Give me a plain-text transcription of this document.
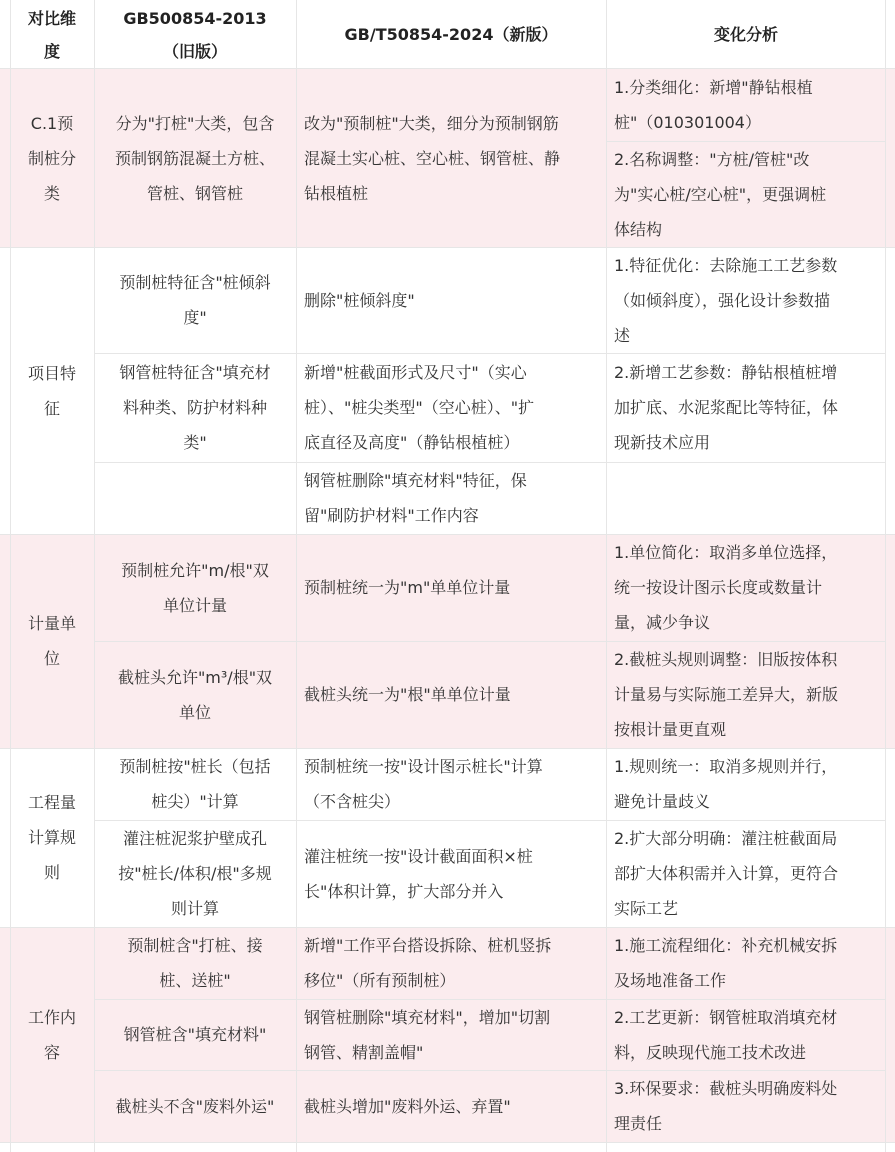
对比维
度
GB500854-2013
（旧版）
GB/T50854-2024（新版）	变化分析
C.1预
制桩分
类
分为"打桩"大类，包含
预制钢筋混凝土方桩、
管桩、钢管桩
改为"预制桩"大类，细分为预制钢筋
混凝土实心桩、空心桩、钢管桩、静
钻根植桩
1.分类细化：新增"静钻根植
桩"（010301004）
2.名称调整："方桩/管桩"改
为"实心桩/空心桩"，更强调桩
体结构
项目特
征
预制桩特征含"桩倾斜
度"
删除"桩倾斜度"
1.特征优化：去除施工工艺参数
（如倾斜度），强化设计参数描
述
钢管桩特征含"填充材
料种类、防护材料种
类"
新增"桩截面形式及尺寸"（实心
桩）、"桩尖类型"（空心桩）、"扩
底直径及高度"（静钻根植桩）
2.新增工艺参数：静钻根植桩增
加扩底、水泥浆配比等特征，体
现新技术应用
钢管桩删除"填充材料"特征，保
留"刷防护材料"工作内容
计量单
位
预制桩允许"m/根"双
单位计量
预制桩统一为"m"单单位计量
1.单位简化：取消多单位选择，
统一按设计图示长度或数量计
量，减少争议
截桩头允许"m³/根"双
单位
截桩头统一为"根"单单位计量
2.截桩头规则调整：旧版按体积
计量易与实际施工差异大，新版
按根计量更直观
工程量
计算规
则
预制桩按"桩长（包括
桩尖）"计算
预制桩统一按"设计图示桩长"计算
（不含桩尖）
1.规则统一：取消多规则并行，
避免计量歧义
灌注桩泥浆护壁成孔
按"桩长/体积/根"多规
则计算
灌注桩统一按"设计截面面积×桩
长"体积计算，扩大部分并入
2.扩大部分明确：灌注桩截面局
部扩大体积需并入计算，更符合
实际工艺
工作内
容
预制桩含"打桩、接
桩、送桩"
新增"工作平台搭设拆除、桩机竖拆
移位"（所有预制桩）
1.施工流程细化：补充机械安拆
及场地准备工作
钢管桩含"填充材料"
钢管桩删除"填充材料"，增加"切割
钢管、精割盖帽"
2.工艺更新：钢管桩取消填充材
料，反映现代施工技术改进
截桩头不含"废料外运"	截桩头增加"废料外运、弃置"
3.环保要求：截桩头明确废料处
理责任
